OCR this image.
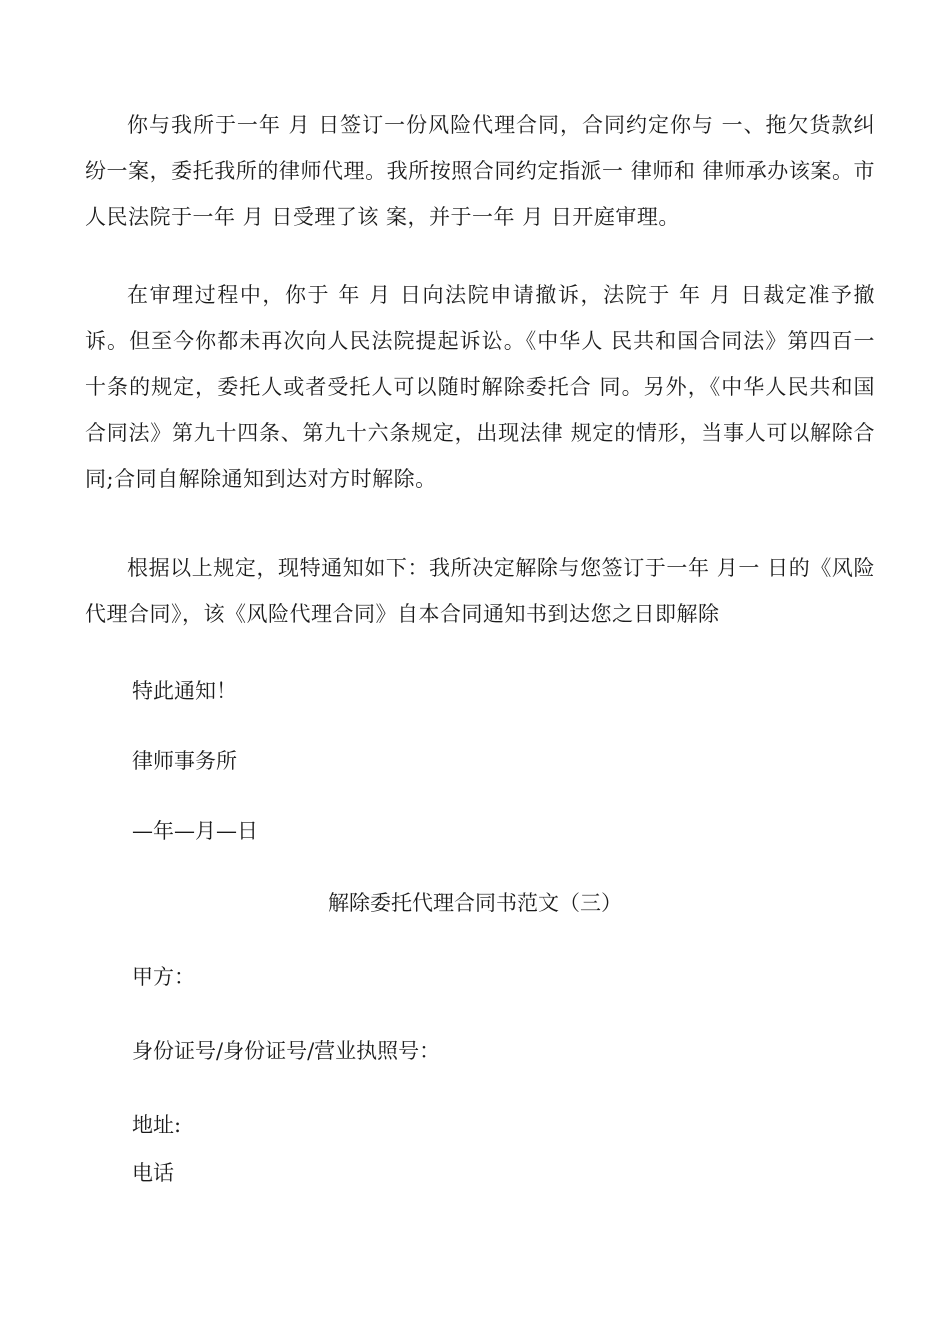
你与我所于一年 月 日签订一份风险代理合同，合同约定你与 一、拖欠货款纠纷一案，委托我所的律师代理。我所按照合同约定指派一 律师和 律师承办该案。市 人民法院于一年 月 日受理了该 案，并于一年 月 日开庭审理。

在审理过程中，你于 年 月 日向法院申请撤诉，法院于 年 月 日裁定准予撤诉。但至今你都未再次向人民法院提起诉讼。《中华人 民共和国合同法》第四百一十条的规定，委托人或者受托人可以随时解除委托合 同。另外，《中华人民共和国合同法》第九十四条、第九十六条规定，出现法律 规定的情形，当事人可以解除合同;合同自解除通知到达对方时解除。

根据以上规定，现特通知如下：我所决定解除与您签订于一年 月一 日的《风险代理合同》，该《风险代理合同》自本合同通知书到达您之日即解除

特此通知！

律师事务所

—年—月—日

解除委托代理合同书范文（三）

甲方：

身份证号/身份证号/营业执照号：

地址:

电话
